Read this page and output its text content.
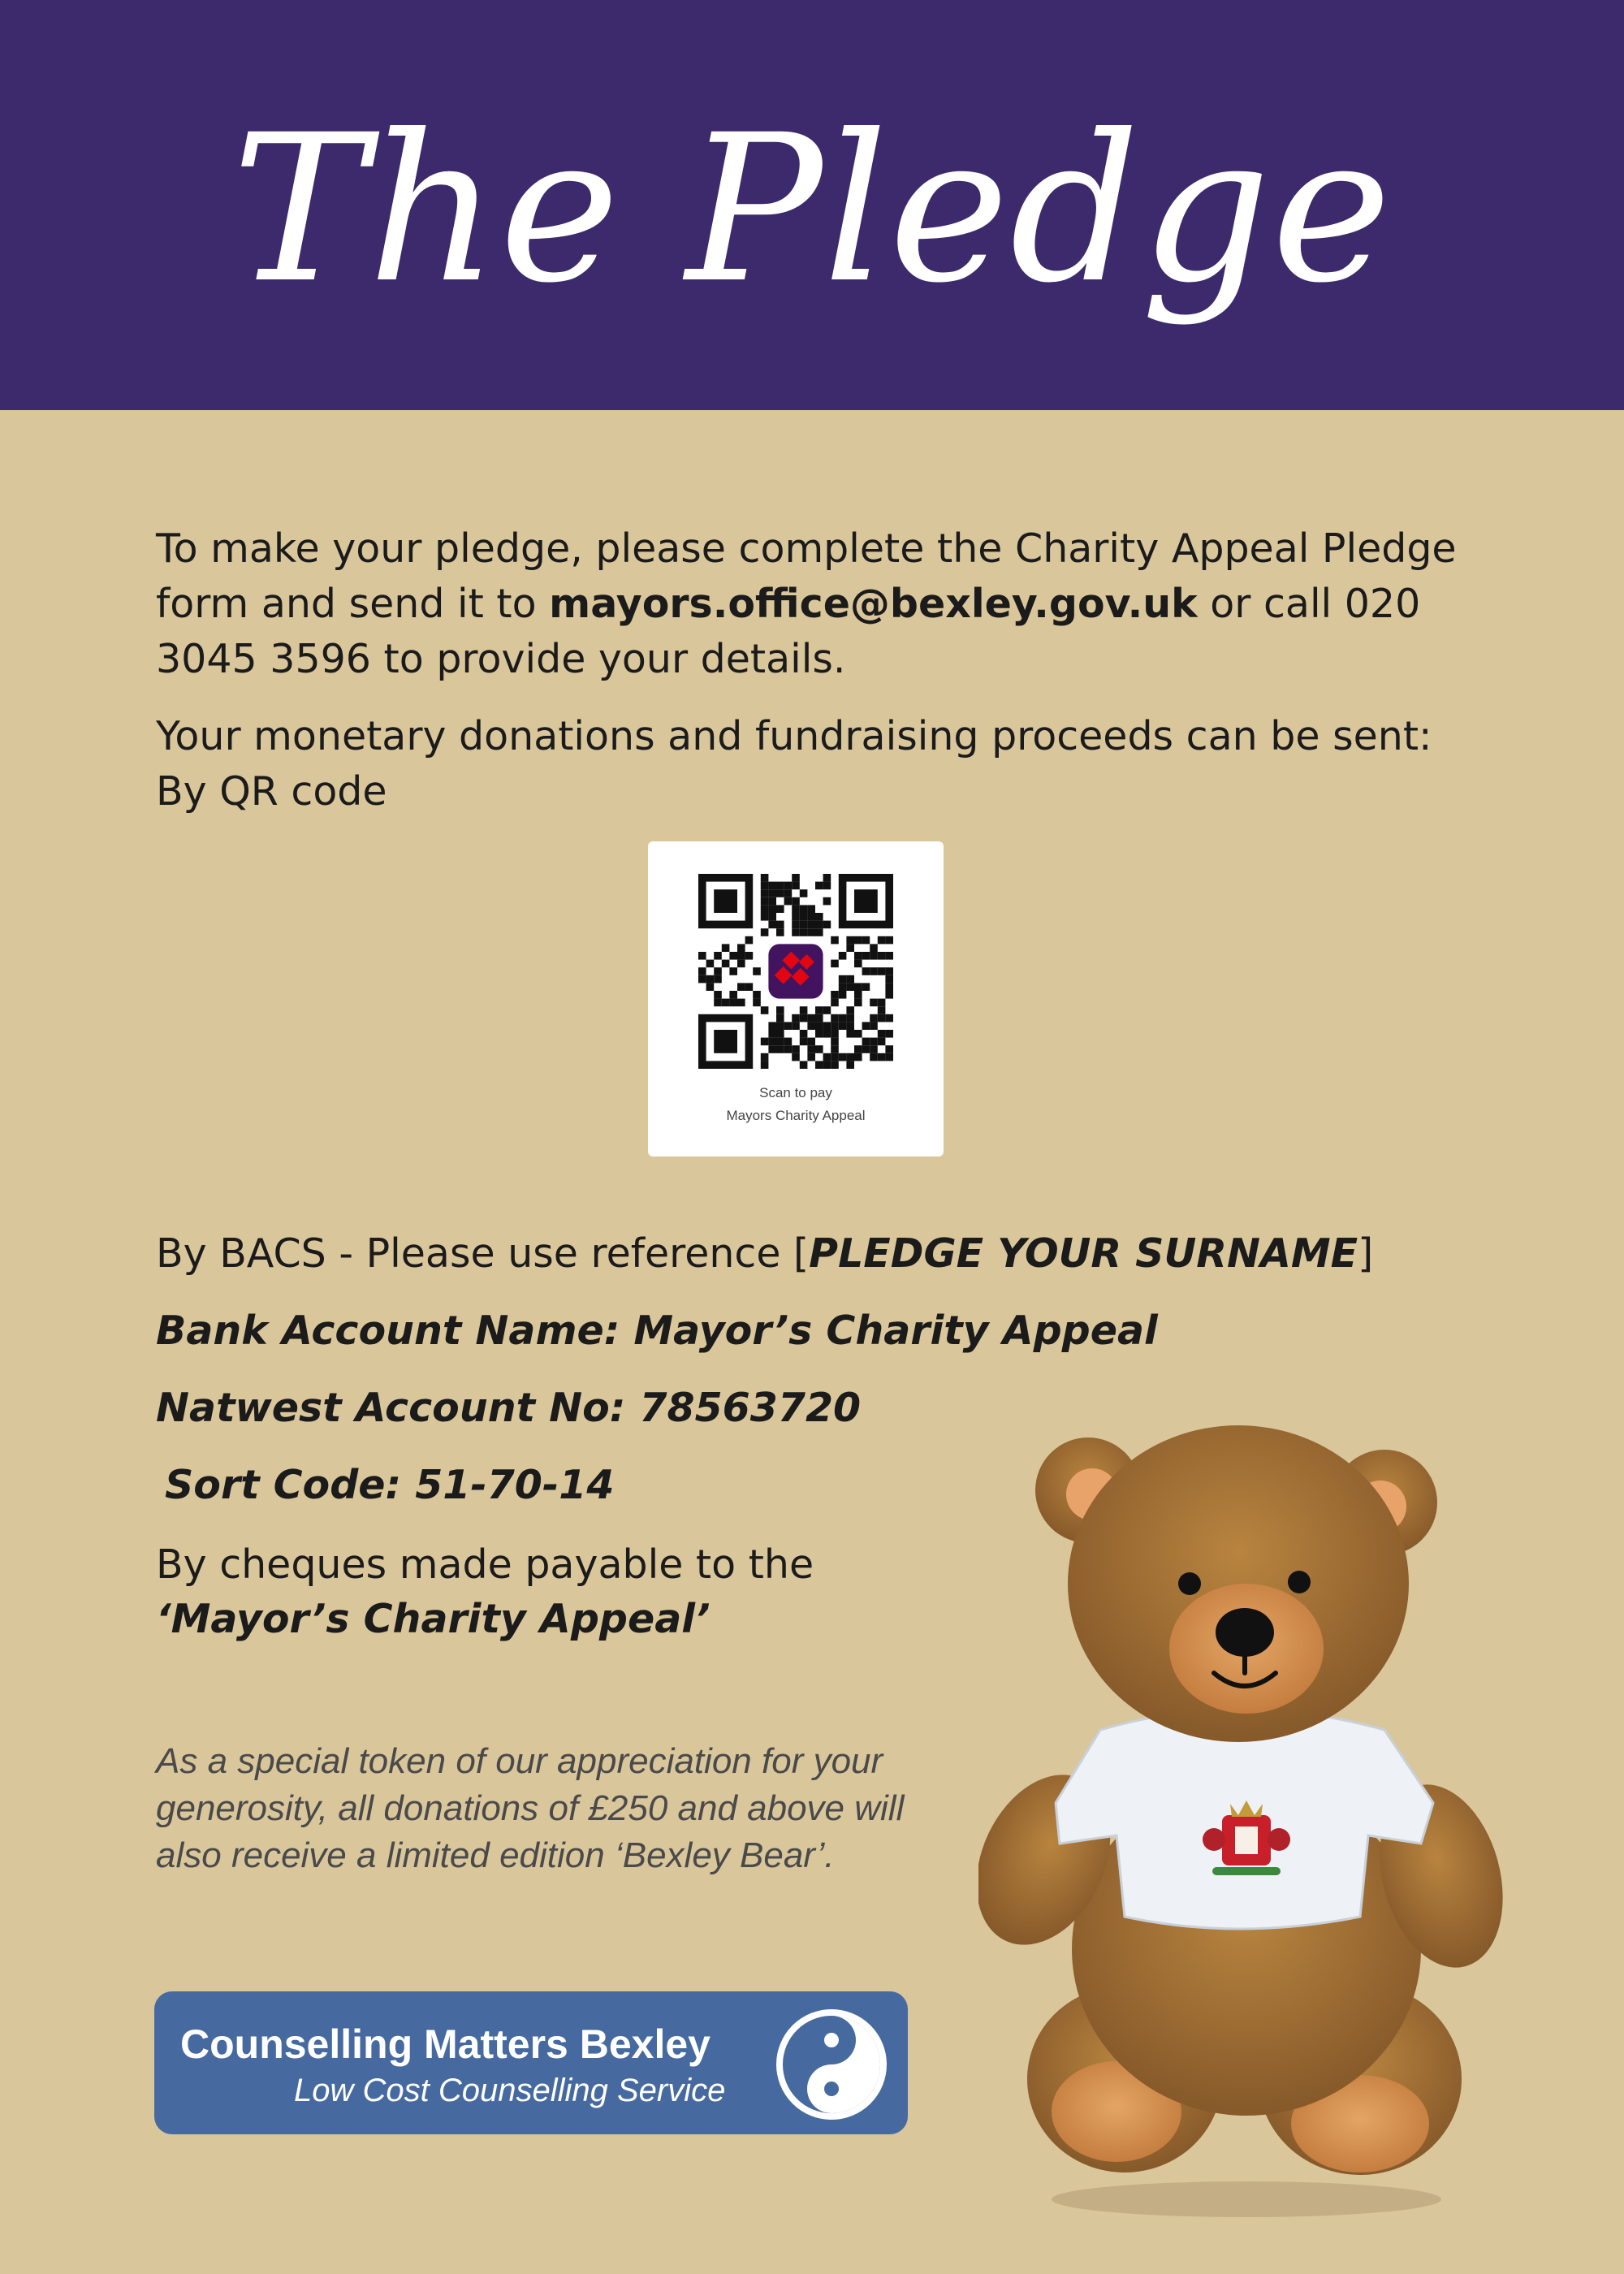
The Pledge
To make your pledge, please complete the Charity Appeal Pledge form and send it to mayors.office@bexley.gov.uk or call 020 3045 3596 to provide your details.
Your monetary donations and fundraising proceeds can be sent:
By QR code
Scan to pay
Mayors Charity Appeal
By BACS - Please use reference [PLEDGE YOUR SURNAME]
Bank Account Name: Mayor’s Charity Appeal
Natwest Account No: 78563720
Sort Code: 51-70-14
By cheques made payable to the
‘Mayor’s Charity Appeal’
As a special token of our appreciation for your generosity, all donations of £250 and above will also receive a limited edition ‘Bexley Bear’.
Counselling Matters Bexley
Low Cost Counselling Service
